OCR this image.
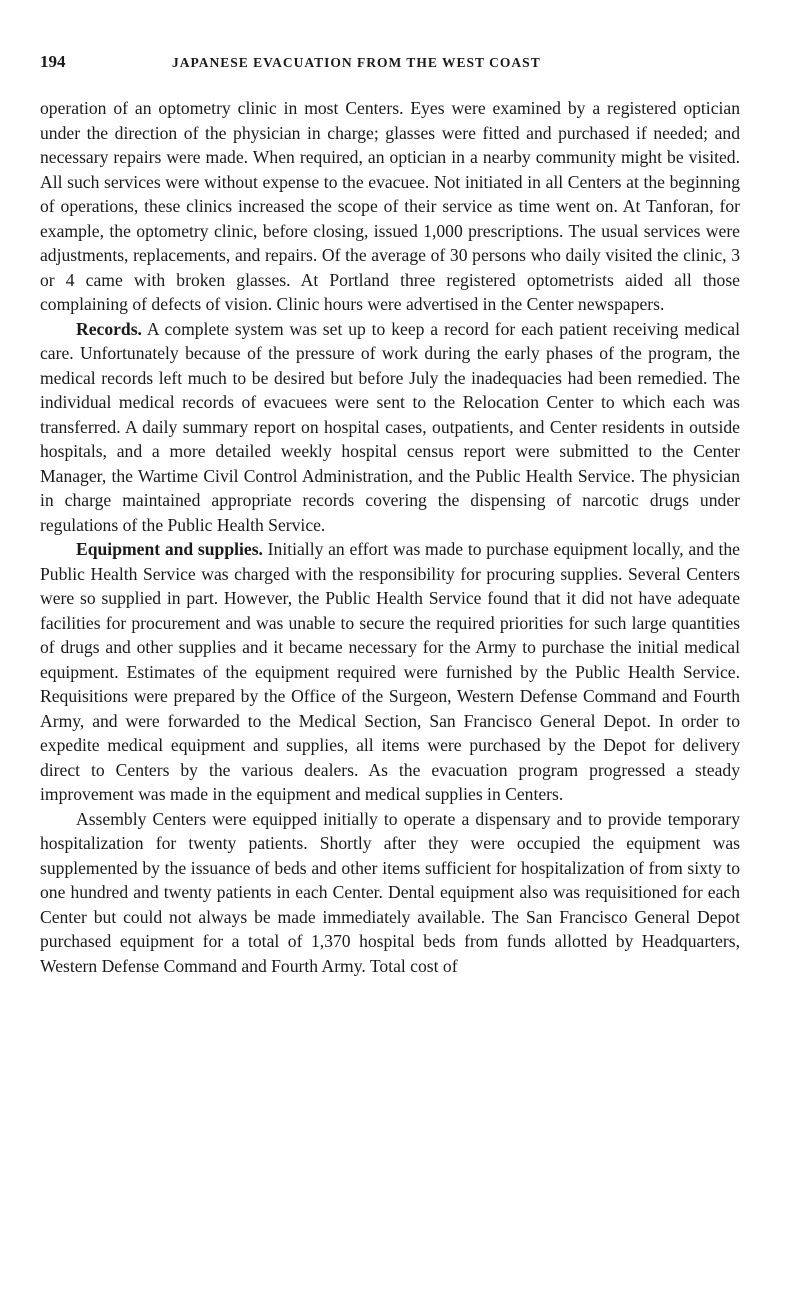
194	JAPANESE EVACUATION FROM THE WEST COAST

operation of an optometry clinic in most Centers. Eyes were examined by a registered optician under the direction of the physician in charge; glasses were fitted and purchased if needed; and necessary repairs were made. When required, an optician in a nearby community might be visited. All such services were without expense to the evacuee. Not initiated in all Centers at the beginning of operations, these clinics increased the scope of their service as time went on. At Tanforan, for example, the optometry clinic, before closing, issued 1,000 prescriptions. The usual services were adjustments, replacements, and repairs. Of the average of 30 persons who daily visited the clinic, 3 or 4 came with broken glasses. At Portland three registered optometrists aided all those complaining of defects of vision. Clinic hours were advertised in the Center newspapers.

Records. A complete system was set up to keep a record for each patient receiving medical care. Unfortunately because of the pressure of work during the early phases of the program, the medical records left much to be desired but before July the inadequacies had been remedied. The individual medical records of evacuees were sent to the Relocation Center to which each was transferred. A daily summary report on hospital cases, outpatients, and Center residents in outside hospitals, and a more detailed weekly hospital census report were submitted to the Center Manager, the Wartime Civil Control Administration, and the Public Health Service. The physician in charge maintained appropriate records covering the dispensing of narcotic drugs under regulations of the Public Health Service.

Equipment and supplies. Initially an effort was made to purchase equipment locally, and the Public Health Service was charged with the responsibility for procuring supplies. Several Centers were so supplied in part. However, the Public Health Service found that it did not have adequate facilities for procurement and was unable to secure the required priorities for such large quantities of drugs and other supplies and it became necessary for the Army to purchase the initial medical equipment. Estimates of the equipment required were furnished by the Public Health Service. Requisitions were prepared by the Office of the Surgeon, Western Defense Command and Fourth Army, and were forwarded to the Medical Section, San Francisco General Depot. In order to expedite medical equipment and supplies, all items were purchased by the Depot for delivery direct to Centers by the various dealers. As the evacuation program progressed a steady improvement was made in the equipment and medical supplies in Centers.

Assembly Centers were equipped initially to operate a dispensary and to provide temporary hospitalization for twenty patients. Shortly after they were occupied the equipment was supplemented by the issuance of beds and other items sufficient for hospitalization of from sixty to one hundred and twenty patients in each Center. Dental equipment also was requisitioned for each Center but could not always be made immediately available. The San Francisco General Depot purchased equipment for a total of 1,370 hospital beds from funds allotted by Headquarters, Western Defense Command and Fourth Army. Total cost of
